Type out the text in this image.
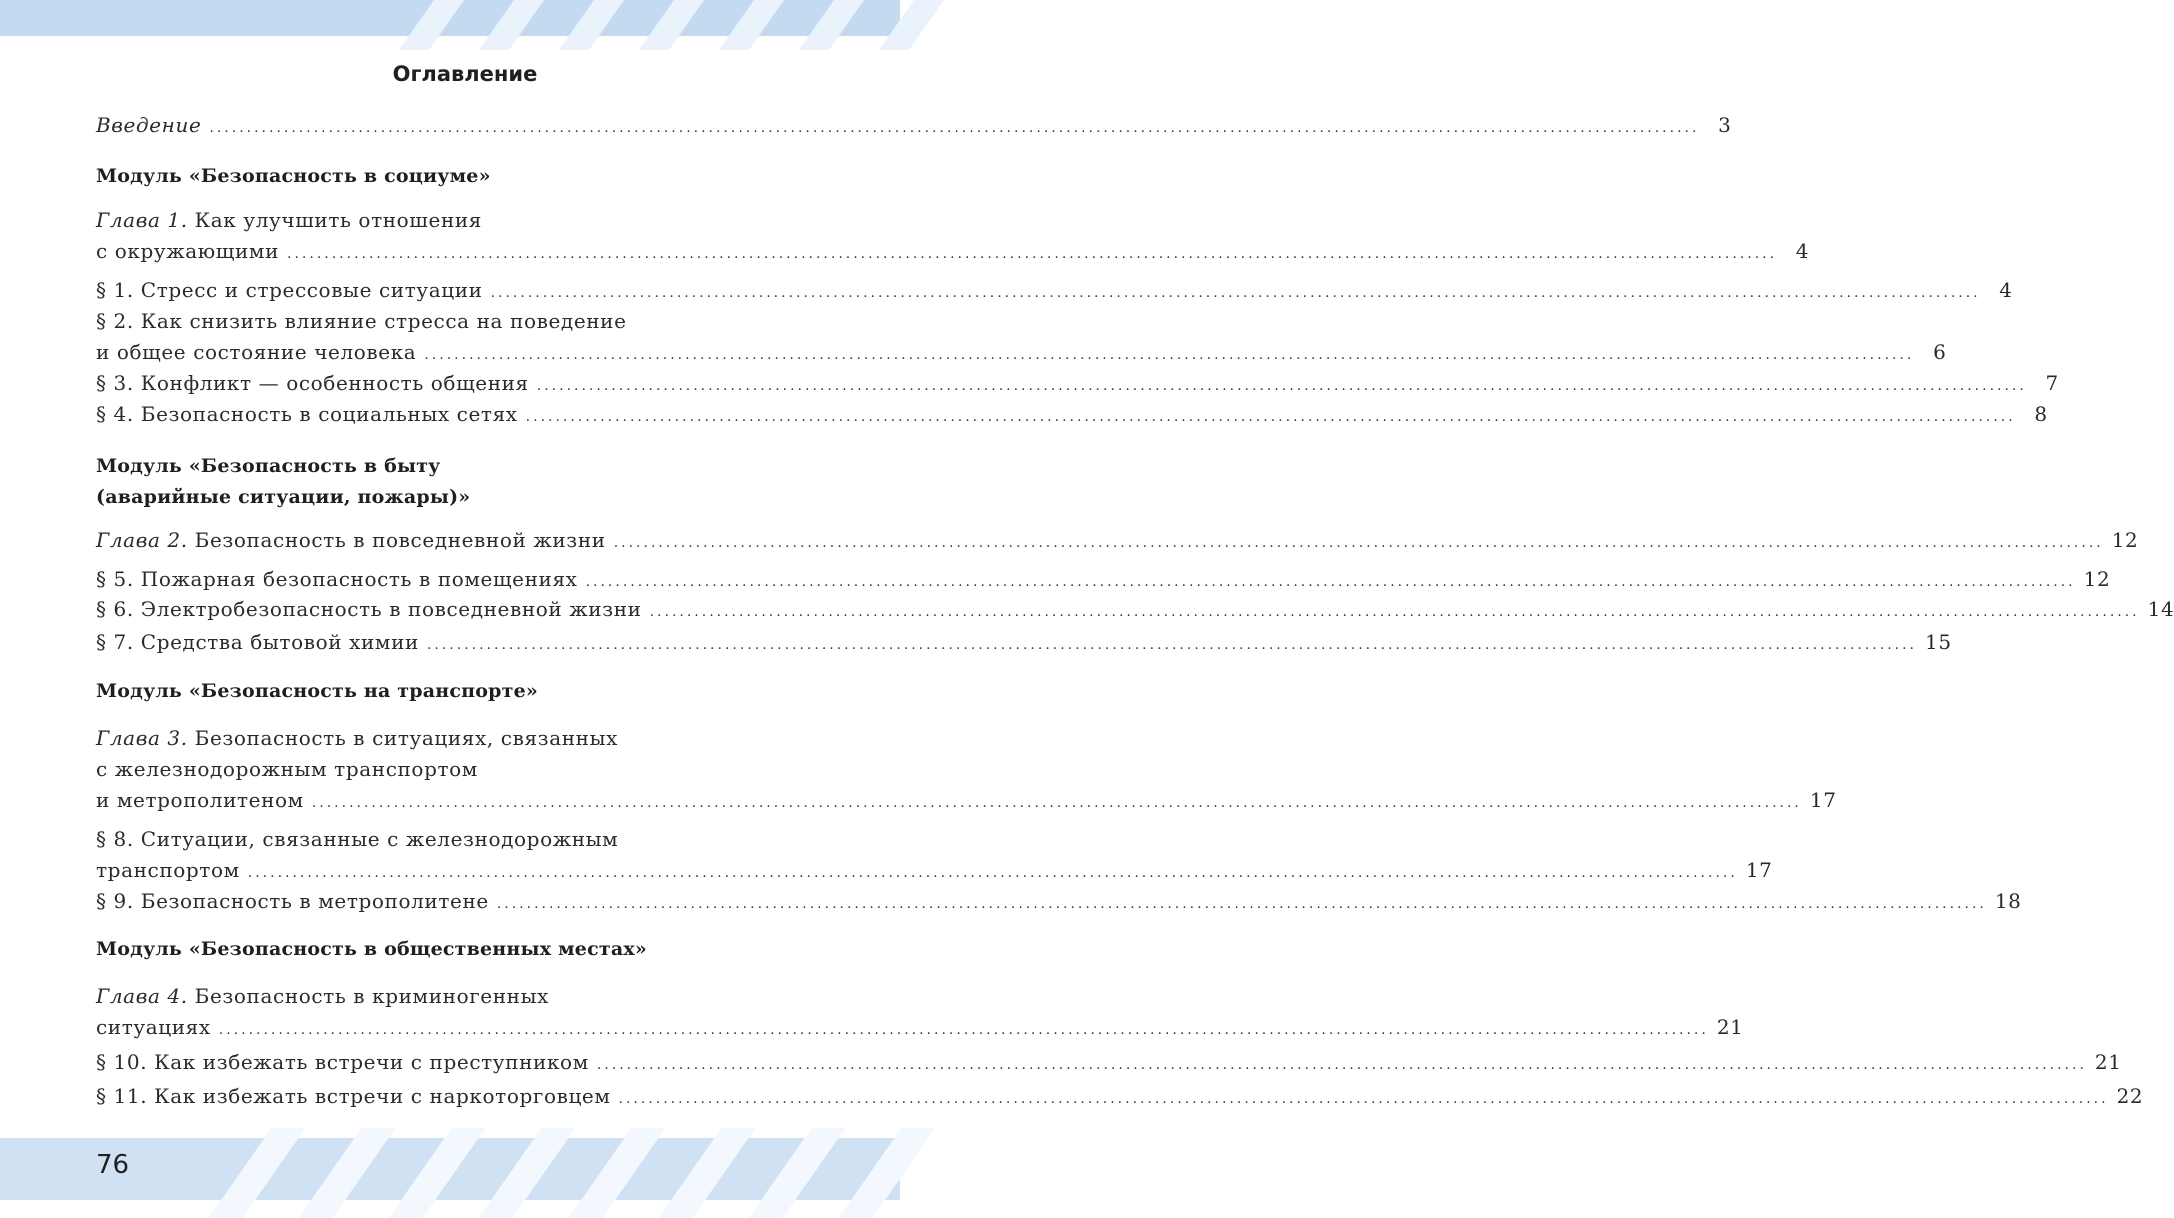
Оглавление
Введение ........................................................................................................................................................................................................ 3
Модуль «Безопасность в социуме»
Глава 1. Как улучшить отношения
с окружающими ........................................................................................................................................................................................................ 4
§ 1. Стресс и стрессовые ситуации ........................................................................................................................................................................................................ 4
§ 2. Как снизить влияние стресса на поведение
и общее состояние человека ........................................................................................................................................................................................................ 6
§ 3. Конфликт — особенность общения ........................................................................................................................................................................................................ 7
§ 4. Безопасность в социальных сетях ........................................................................................................................................................................................................ 8
Модуль «Безопасность в быту
(аварийные ситуации, пожары)»
Глава 2. Безопасность в повседневной жизни ........................................................................................................................................................................................................ 12
§ 5. Пожарная безопасность в помещениях ........................................................................................................................................................................................................ 12
§ 6. Электробезопасность в повседневной жизни ........................................................................................................................................................................................................ 14
§ 7. Средства бытовой химии ........................................................................................................................................................................................................ 15
Модуль «Безопасность на транспорте»
Глава 3. Безопасность в ситуациях, связанных
с железнодорожным транспортом
и метрополитеном ........................................................................................................................................................................................................ 17
§ 8. Ситуации, связанные с железнодорожным
транспортом ........................................................................................................................................................................................................ 17
§ 9. Безопасность в метрополитене ........................................................................................................................................................................................................ 18
Модуль «Безопасность в общественных местах»
Глава 4. Безопасность в криминогенных
ситуациях ........................................................................................................................................................................................................ 21
§ 10. Как избежать встречи с преступником ........................................................................................................................................................................................................ 21
§ 11. Как избежать встречи с наркоторговцем ........................................................................................................................................................................................................ 22
76
